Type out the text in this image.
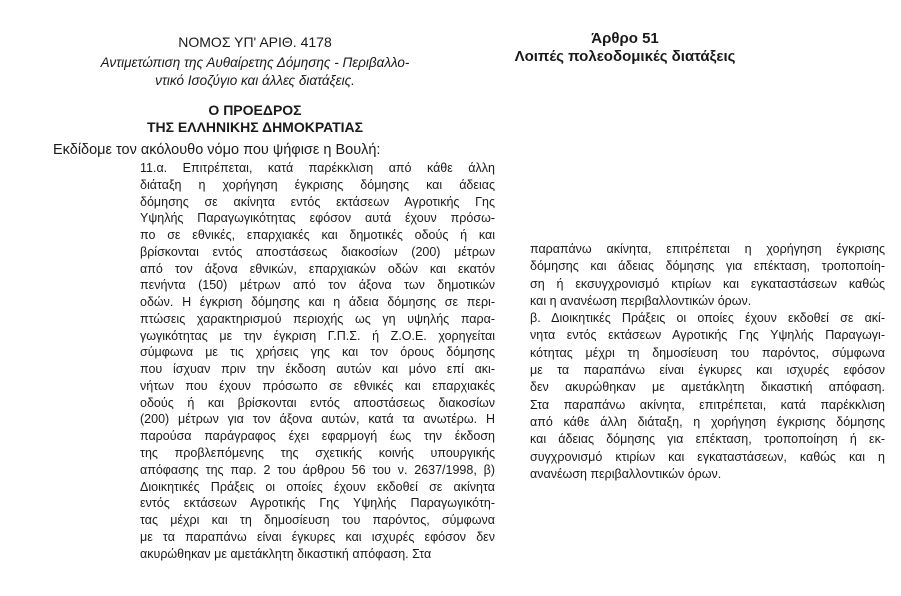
ΝΟΜΟΣ ΥΠ' ΑΡΙΘ. 4178
Αντιμετώπιση της Αυθαίρετης Δόμησης - Περιβαλλο-
ντικό Ισοζύγιο και άλλες διατάξεις.
Ο ΠΡΟΕΔΡΟΣ
ΤΗΣ ΕΛΛΗΝΙΚΗΣ ΔΗΜΟΚΡΑΤΙΑΣ
Εκδίδομε τον ακόλουθο νόμο που ψήφισε η Βουλή:
Άρθρο 51
Λοιπές πολεοδομικές διατάξεις
11.α. Επιτρέπεται, κατά παρέκκλιση από κάθε άλλη
διάταξη η χορήγηση έγκρισης δόμησης και άδειας
δόμησης σε ακίνητα εντός εκτάσεων Αγροτικής Γης
Υψηλής Παραγωγικότητας εφόσον αυτά έχουν πρόσω-
πο σε εθνικές, επαρχιακές και δημοτικές οδούς ή και
βρίσκονται εντός αποστάσεως διακοσίων (200) μέτρων
από τον άξονα εθνικών, επαρχιακών οδών και εκατόν
πενήντα (150) μέτρων από τον άξονα των δημοτικών
οδών. Η έγκριση δόμησης και η άδεια δόμησης σε περι-
πτώσεις χαρακτηρισμού περιοχής ως γη υψηλής παρα-
γωγικότητας με την έγκριση Γ.Π.Σ. ή Ζ.Ο.Ε. χορηγείται
σύμφωνα με τις χρήσεις γης και τον όρους δόμησης
που ίσχυαν πριν την έκδοση αυτών και μόνο επί ακι-
νήτων που έχουν πρόσωπο σε εθνικές και επαρχιακές
οδούς ή και βρίσκονται εντός αποστάσεως διακοσίων
(200) μέτρων για τον άξονα αυτών, κατά τα ανωτέρω. Η
παρούσα παράγραφος έχει εφαρμογή έως την έκδοση
της προβλεπόμενης της σχετικής κοινής υπουργικής
απόφασης της παρ. 2 του άρθρου 56 του ν. 2637/1998, β)
Διοικητικές Πράξεις οι οποίες έχουν εκδοθεί σε ακίνητα
εντός εκτάσεων Αγροτικής Γης Υψηλής Παραγωγικότη-
τας μέχρι και τη δημοσίευση του παρόντος, σύμφωνα
με τα παραπάνω είναι έγκυρες και ισχυρές εφόσον δεν
ακυρώθηκαν με αμετάκλητη δικαστική απόφαση. Στα
παραπάνω ακίνητα, επιτρέπεται η χορήγηση έγκρισης
δόμησης και άδειας δόμησης για επέκταση, τροποποίη-
ση ή εκσυγχρονισμό κτιρίων και εγκαταστάσεων καθώς
και η ανανέωση περιβαλλοντικών όρων.
β. Διοικητικές Πράξεις οι οποίες έχουν εκδοθεί σε ακί-
νητα εντός εκτάσεων Αγροτικής Γης Υψηλής Παραγωγι-
κότητας μέχρι τη δημοσίευση του παρόντος, σύμφωνα
με τα παραπάνω είναι έγκυρες και ισχυρές εφόσον
δεν ακυρώθηκαν με αμετάκλητη δικαστική απόφαση.
Στα παραπάνω ακίνητα, επιτρέπεται, κατά παρέκκλιση
από κάθε άλλη διάταξη, η χορήγηση έγκρισης δόμησης
και άδειας δόμησης για επέκταση, τροποποίηση ή εκ-
συγχρονισμό κτιρίων και εγκαταστάσεων, καθώς και η
ανανέωση περιβαλλοντικών όρων.
